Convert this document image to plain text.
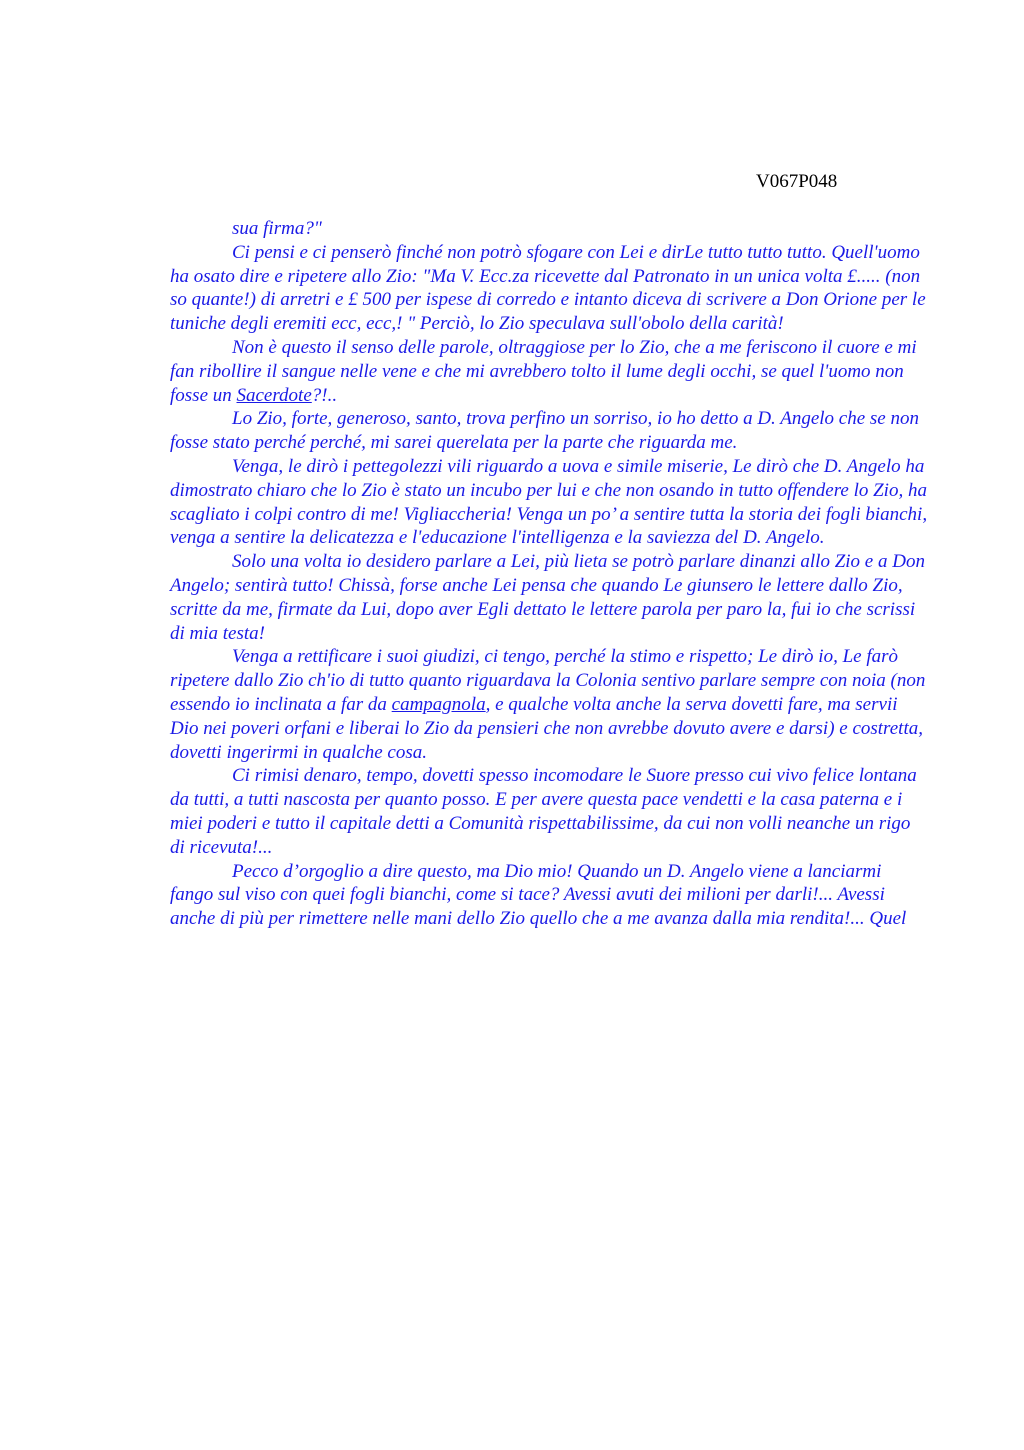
V067P048

sua firma?"

Ci pensi e ci penserò finché non potrò sfogare con Lei e dirLe tutto tutto tutto. Quell'uomo ha osato dire e ripetere allo Zio: "Ma V. Ecc.za ricevette dal Patronato in un unica volta £..... (non so quante!) di arretri e £ 500 per ispese di corredo e intanto diceva di scrivere a Don Orione per le tuniche degli eremiti ecc, ecc,! " Perciò, lo Zio speculava sull'obolo della carità!

Non è questo il senso delle parole, oltraggiose per lo Zio, che a me feriscono il cuore e mi fan ribollire il sangue nelle vene e che mi avrebbero tolto il lume degli occhi, se quel l'uomo non fosse un Sacerdote?!..

Lo Zio, forte, generoso, santo, trova perfino un sorriso, io ho detto a D. Angelo che se non fosse stato perché perché, mi sarei querelata per la parte che riguarda me.

Venga, le dirò i pettegolezzi vili riguardo a uova e simile miserie, Le dirò che D. Angelo ha dimostrato chiaro che lo Zio è stato un incubo per lui e che non osando in tutto offendere lo Zio, ha scagliato i colpi contro di me! Vigliaccheria! Venga un po’ a sentire tutta la storia dei fogli bianchi, venga a sentire la delicatezza e l'educazione l'intelligenza e la saviezza del D. Angelo.

Solo una volta io desidero parlare a Lei, più lieta se potrò parlare dinanzi allo Zio e a Don Angelo; sentirà tutto! Chissà, forse anche Lei pensa che quando Le giunsero le lettere dallo Zio, scritte da me, firmate da Lui, dopo aver Egli dettato le lettere parola per paro la, fui io che scrissi di mia testa!

Venga a rettificare i suoi giudizi, ci tengo, perché la stimo e rispetto; Le dirò io, Le farò ripetere dallo Zio ch'io di tutto quanto riguardava la Colonia sentivo parlare sempre con noia (non essendo io inclinata a far da campagnola, e qualche volta anche la serva dovetti fare, ma servii Dio nei poveri orfani e liberai lo Zio da pensieri che non avrebbe dovuto avere e darsi) e costretta, dovetti ingerirmi in qualche cosa.

Ci rimisi denaro, tempo, dovetti spesso incomodare le Suore presso cui vivo felice lontana da tutti, a tutti nascosta per quanto posso. E per avere questa pace vendetti e la casa paterna e i miei poderi e tutto il capitale detti a Comunità rispettabilissime, da cui non volli neanche un rigo di ricevuta!...

Pecco d’orgoglio a dire questo, ma Dio mio! Quando un D. Angelo viene a lanciarmi fango sul viso con quei fogli bianchi, come si tace? Avessi avuti dei milioni per darli!... Avessi anche di più per rimettere nelle mani dello Zio quello che a me avanza dalla mia rendita!... Quel
